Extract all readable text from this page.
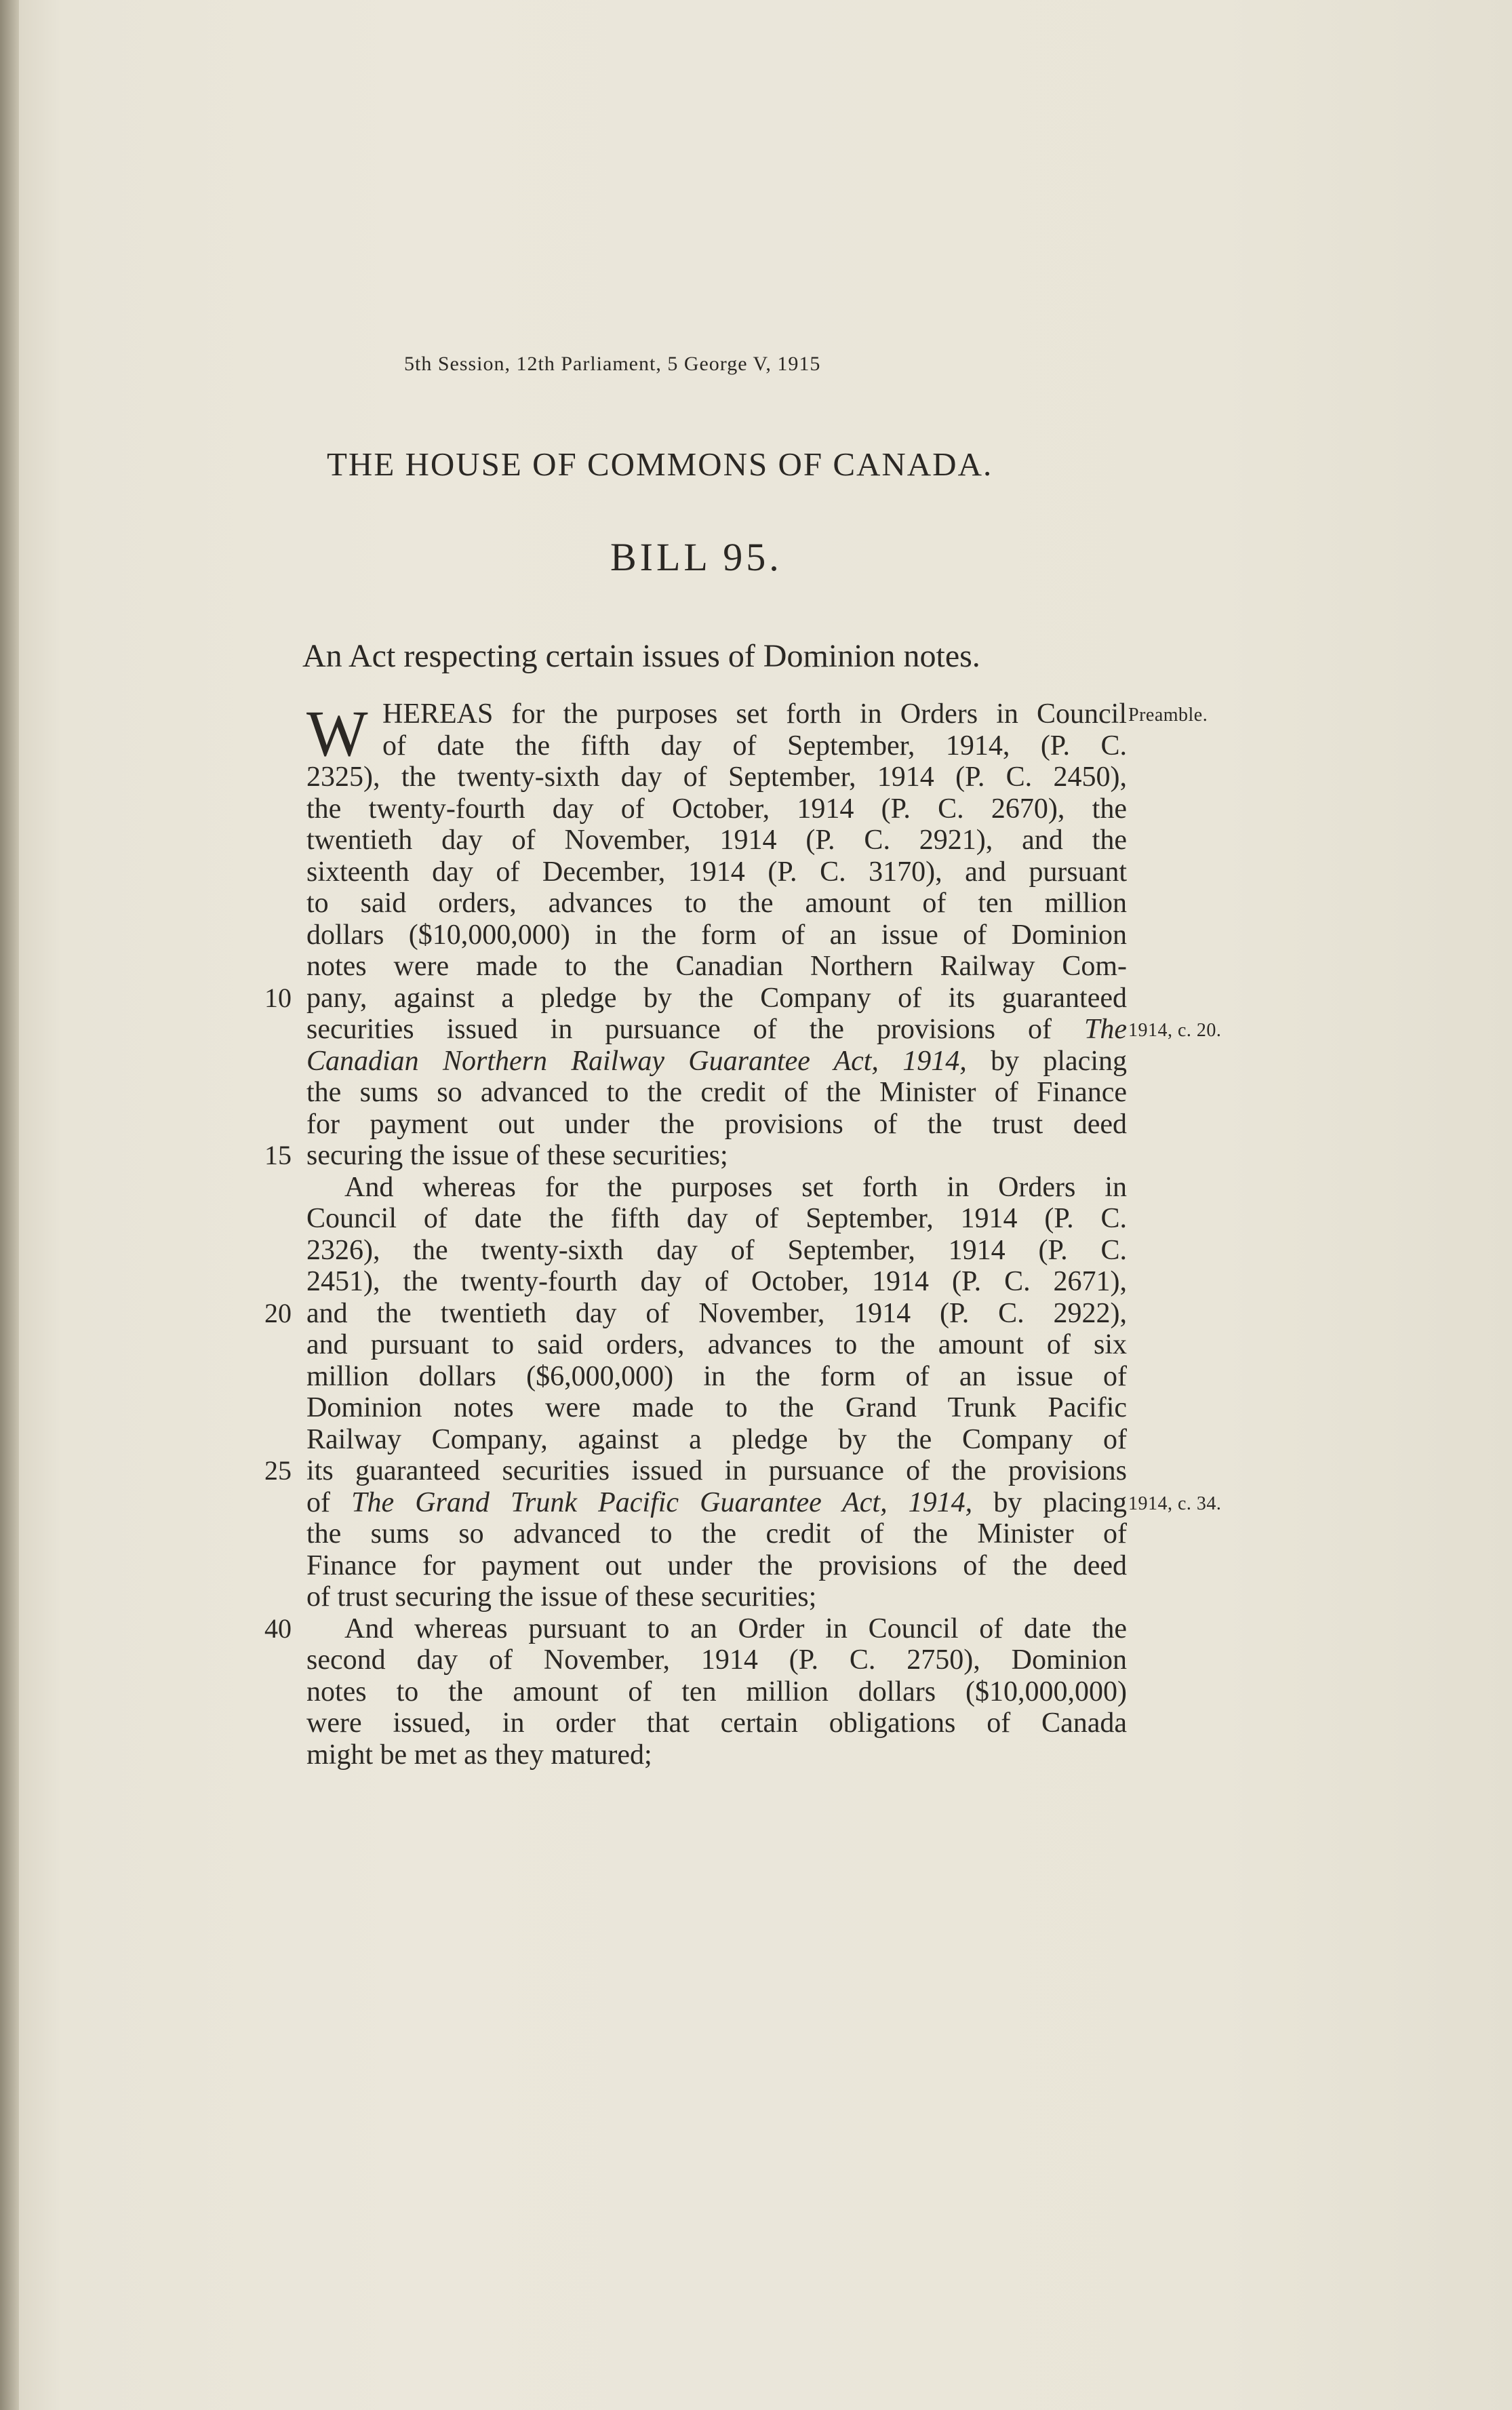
5th Session, 12th Parliament, 5 George V, 1915
THE HOUSE OF COMMONS OF CANADA.
BILL 95.
An Act respecting certain issues of Dominion notes.
W HEREAS for the purposes set forth in Orders in Council Preamble.
of date the fifth day of September, 1914, (P. C.
2325), the twenty-sixth day of September, 1914 (P. C. 2450),
the twenty-fourth day of October, 1914 (P. C. 2670), the
twentieth day of November, 1914 (P. C. 2921), and the
sixteenth day of December, 1914 (P. C. 3170), and pursuant
to said orders, advances to the amount of ten million
dollars ($10,000,000) in the form of an issue of Dominion
notes were made to the Canadian Northern Railway Com-
pany, against a pledge by the Company of its guaranteed
10
securities issued in pursuance of the provisions of The 1914, c. 20.
Canadian Northern Railway Guarantee Act, 1914, by placing
the sums so advanced to the credit of the Minister of Finance
for payment out under the provisions of the trust deed
securing the issue of these securities;
15
And whereas for the purposes set forth in Orders in
Council of date the fifth day of September, 1914 (P. C.
2326), the twenty-sixth day of September, 1914 (P. C.
2451), the twenty-fourth day of October, 1914 (P. C. 2671),
and the twentieth day of November, 1914 (P. C. 2922),
20
and pursuant to said orders, advances to the amount of six
million dollars ($6,000,000) in the form of an issue of
Dominion notes were made to the Grand Trunk Pacific
Railway Company, against a pledge by the Company of
its guaranteed securities issued in pursuance of the provisions
25
of The Grand Trunk Pacific Guarantee Act, 1914, by placing 1914, c. 34.
the sums so advanced to the credit of the Minister of
Finance for payment out under the provisions of the deed
of trust securing the issue of these securities;
And whereas pursuant to an Order in Council of date the
40
second day of November, 1914 (P. C. 2750), Dominion
notes to the amount of ten million dollars ($10,000,000)
were issued, in order that certain obligations of Canada
might be met as they matured;
